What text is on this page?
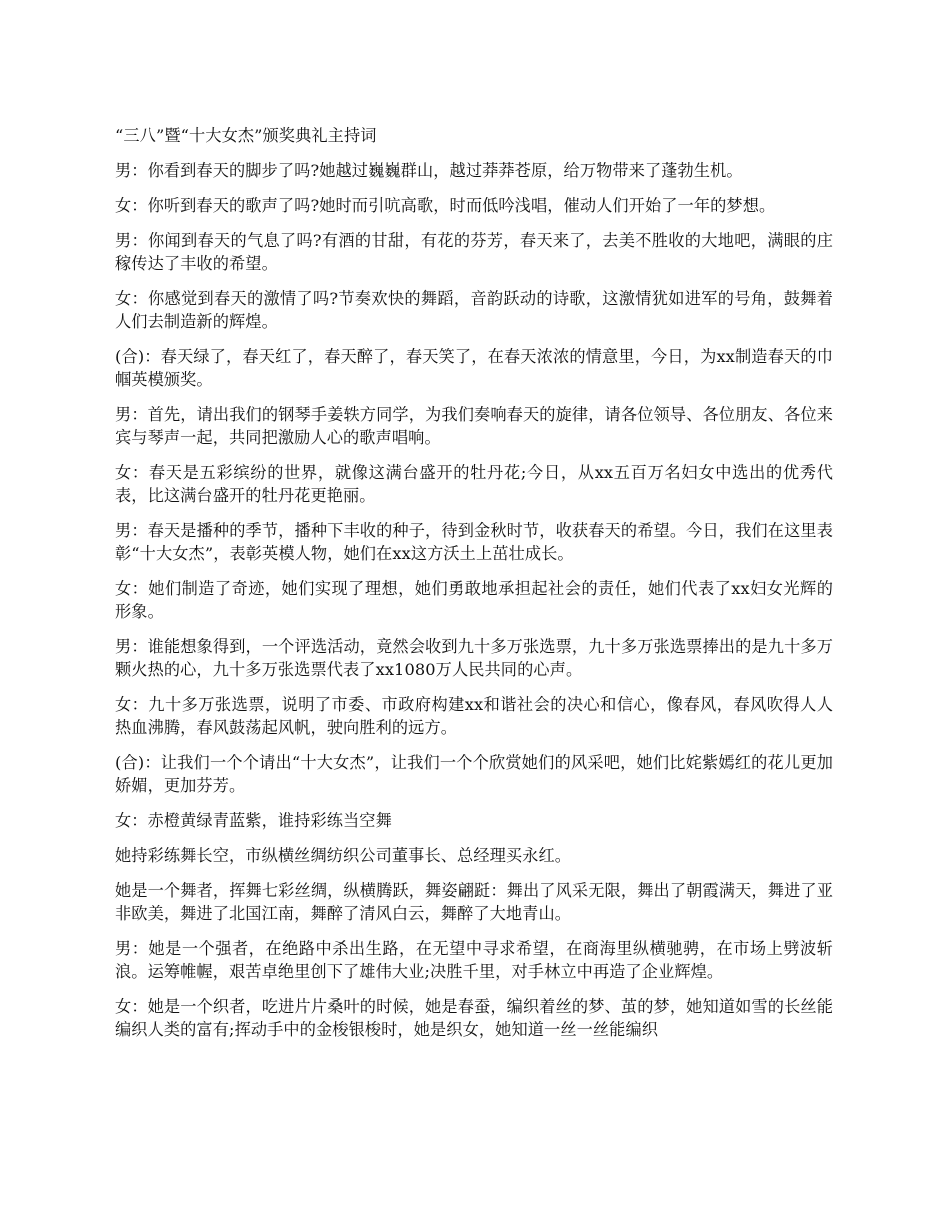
“三八”暨“十大女杰”颁奖典礼主持词

男：你看到春天的脚步了吗?她越过巍巍群山，越过莽莽苍原，给万物带来了蓬勃生机。

女：你听到春天的歌声了吗?她时而引吭高歌，时而低吟浅唱，催动人们开始了一年的梦想。

男：你闻到春天的气息了吗?有酒的甘甜，有花的芬芳，春天来了，去美不胜收的大地吧，满眼的庄稼传达了丰收的希望。

女：你感觉到春天的激情了吗?节奏欢快的舞蹈，音韵跃动的诗歌，这激情犹如进军的号角，鼓舞着人们去制造新的辉煌。

(合)：春天绿了，春天红了，春天醉了，春天笑了，在春天浓浓的情意里，今日，为xx制造春天的巾帼英模颁奖。

男：首先，请出我们的钢琴手姜轶方同学，为我们奏响春天的旋律，请各位领导、各位朋友、各位来宾与琴声一起，共同把激励人心的歌声唱响。

女：春天是五彩缤纷的世界，就像这满台盛开的牡丹花;今日，从xx五百万名妇女中选出的优秀代表，比这满台盛开的牡丹花更艳丽。

男：春天是播种的季节，播种下丰收的种子，待到金秋时节，收获春天的希望。今日，我们在这里表彰“十大女杰”，表彰英模人物，她们在xx这方沃土上茁壮成长。

女：她们制造了奇迹，她们实现了理想，她们勇敢地承担起社会的责任，她们代表了xx妇女光辉的形象。

男：谁能想象得到，一个评选活动，竟然会收到九十多万张选票，九十多万张选票捧出的是九十多万颗火热的心，九十多万张选票代表了xx1080万人民共同的心声。

女：九十多万张选票，说明了市委、市政府构建xx和谐社会的决心和信心，像春风，春风吹得人人热血沸腾，春风鼓荡起风帆，驶向胜利的远方。

(合)：让我们一个个请出“十大女杰”，让我们一个个欣赏她们的风采吧，她们比姹紫嫣红的花儿更加娇媚，更加芬芳。

女：赤橙黄绿青蓝紫，谁持彩练当空舞

她持彩练舞长空，市纵横丝绸纺织公司董事长、总经理买永红。

她是一个舞者，挥舞七彩丝绸，纵横腾跃，舞姿翩跹：舞出了风采无限，舞出了朝霞满天，舞进了亚非欧美，舞进了北国江南，舞醉了清风白云，舞醉了大地青山。

男：她是一个强者，在绝路中杀出生路，在无望中寻求希望，在商海里纵横驰骋，在市场上劈波斩浪。运筹帷幄，艰苦卓绝里创下了雄伟大业;决胜千里，对手林立中再造了企业辉煌。

女：她是一个织者，吃进片片桑叶的时候，她是春蚕，编织着丝的梦、茧的梦，她知道如雪的长丝能编织人类的富有;挥动手中的金梭银梭时，她是织女，她知道一丝一丝能编织
